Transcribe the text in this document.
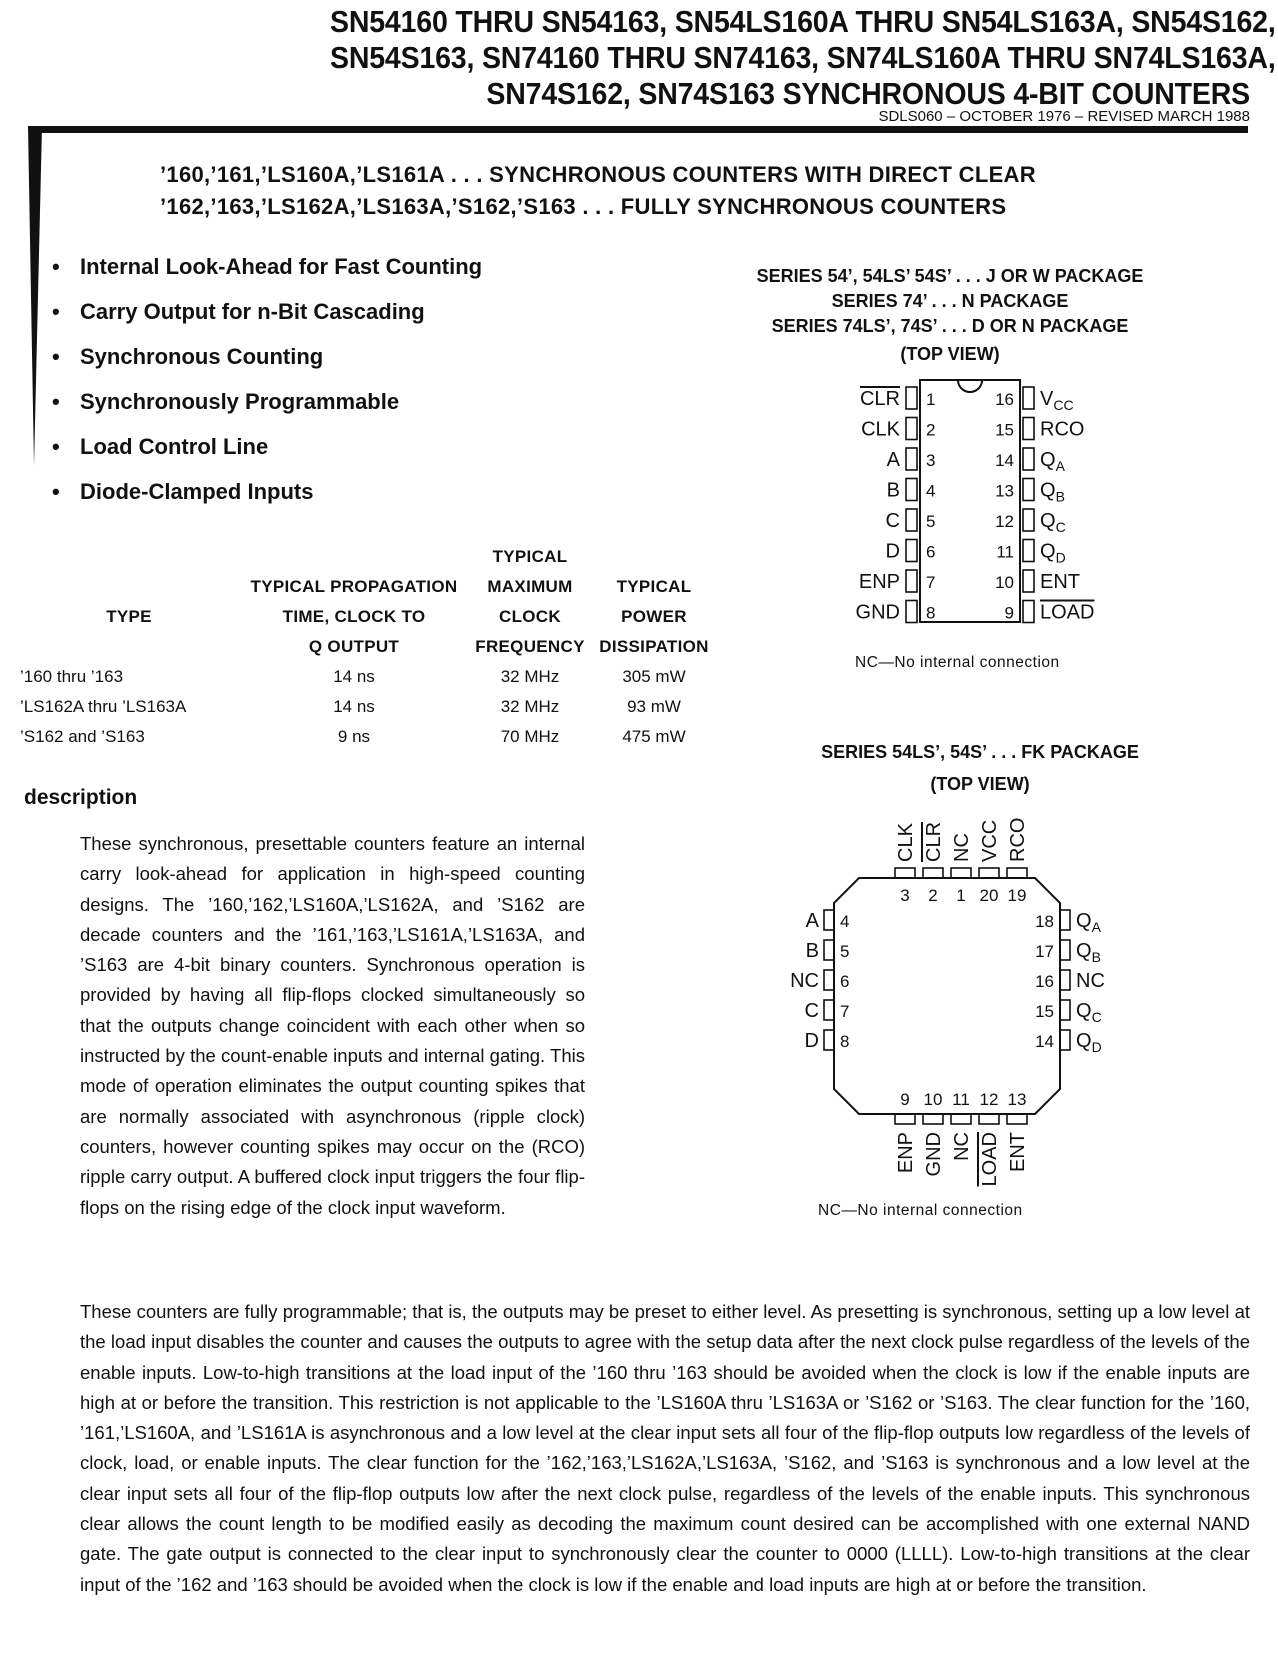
SN54160 THRU SN54163, SN54LS160A THRU SN54LS163A, SN54S162,
SN54S163, SN74160 THRU SN74163, SN74LS160A THRU SN74LS163A,
SN74S162, SN74S163 SYNCHRONOUS 4-BIT COUNTERS
SDLS060 – OCTOBER 1976 – REVISED MARCH 1988
’160,’161,’LS160A,’LS161A . . . SYNCHRONOUS COUNTERS WITH DIRECT CLEAR
’162,’163,’LS162A,’LS163A,’S162,’S163 . . . FULLY SYNCHRONOUS COUNTERS
• Internal Look-Ahead for Fast Counting
• Carry Output for n-Bit Cascading
• Synchronous Counting
• Synchronously Programmable
• Load Control Line
• Diode-Clamped Inputs
		TYPICAL	
	TYPICAL PROPAGATION	MAXIMUM	TYPICAL
TYPE	TIME, CLOCK TO	CLOCK	POWER
	Q OUTPUT	FREQUENCY	DISSIPATION
’160 thru ’163	14 ns	32 MHz	305 mW
’LS162A thru ’LS163A	14 ns	32 MHz	93 mW
’S162 and ’S163	9 ns	70 MHz	475 mW
description

These synchronous, presettable counters feature an internal carry look-ahead for application in high-speed counting designs. The ’160,’162,’LS160A,’LS162A, and ’S162 are decade counters and the ’161,’163,’LS161A,’LS163A, and ’S163 are 4-bit binary counters. Synchronous operation is provided by having all flip-flops clocked simultaneously so that the outputs change coincident with each other when so instructed by the count-enable inputs and internal gating. This mode of operation eliminates the output counting spikes that are normally associated with asynchronous (ripple clock) counters, however counting spikes may occur on the (RCO) ripple carry output. A buffered clock input triggers the four flip-flops on the rising edge of the clock input waveform.

These counters are fully programmable; that is, the outputs may be preset to either level. As presetting is synchronous, setting up a low level at the load input disables the counter and causes the outputs to agree with the setup data after the next clock pulse regardless of the levels of the enable inputs. Low-to-high transitions at the load input of the ’160 thru ’163 should be avoided when the clock is low if the enable inputs are high at or before the transition. This restriction is not applicable to the ’LS160A thru ’LS163A or ’S162 or ’S163. The clear function for the ’160, ’161,’LS160A, and ’LS161A is asynchronous and a low level at the clear input sets all four of the flip-flop outputs low regardless of the levels of clock, load, or enable inputs. The clear function for the ’162,’163,’LS162A,’LS163A, ’S162, and ’S163 is synchronous and a low level at the clear input sets all four of the flip-flop outputs low after the next clock pulse, regardless of the levels of the enable inputs. This synchronous clear allows the count length to be modified easily as decoding the maximum count desired can be accomplished with one external NAND gate. The gate output is connected to the clear input to synchronously clear the counter to 0000 (LLLL). Low-to-high transitions at the clear input of the ’162 and ’163 should be avoided when the clock is low if the enable and load inputs are high at or before the transition.

SERIES 54’, 54LS’ 54S’ . . . J OR W PACKAGE
SERIES 74’ . . . N PACKAGE
SERIES 74LS’, 74S’ . . . D OR N PACKAGE
(TOP VIEW)
CLR 1
CLK 2
A 3
B 4
C 5
D 6
ENP 7
GND 8
$V_{CC}$
16
RCO
15
$Q_A$
14
$Q_B$
13
$Q_C$
12
$Q_D$
11
ENT
10
LOAD
9
NC—No internal connection
SERIES 54LS’, 54S’ . . . FK PACKAGE
(TOP VIEW)
CLK
3
CLR
2
NC
1
VCC
20
RCO
19
A 4
B 5
NC 6
C 7
D 8
$Q_A$
18
$Q_B$
17
NC
16
$Q_C$
15
$Q_D$
14
ENP
9
GND
10
NC
11
LOAD
12
ENT
13
NC—No internal connection
